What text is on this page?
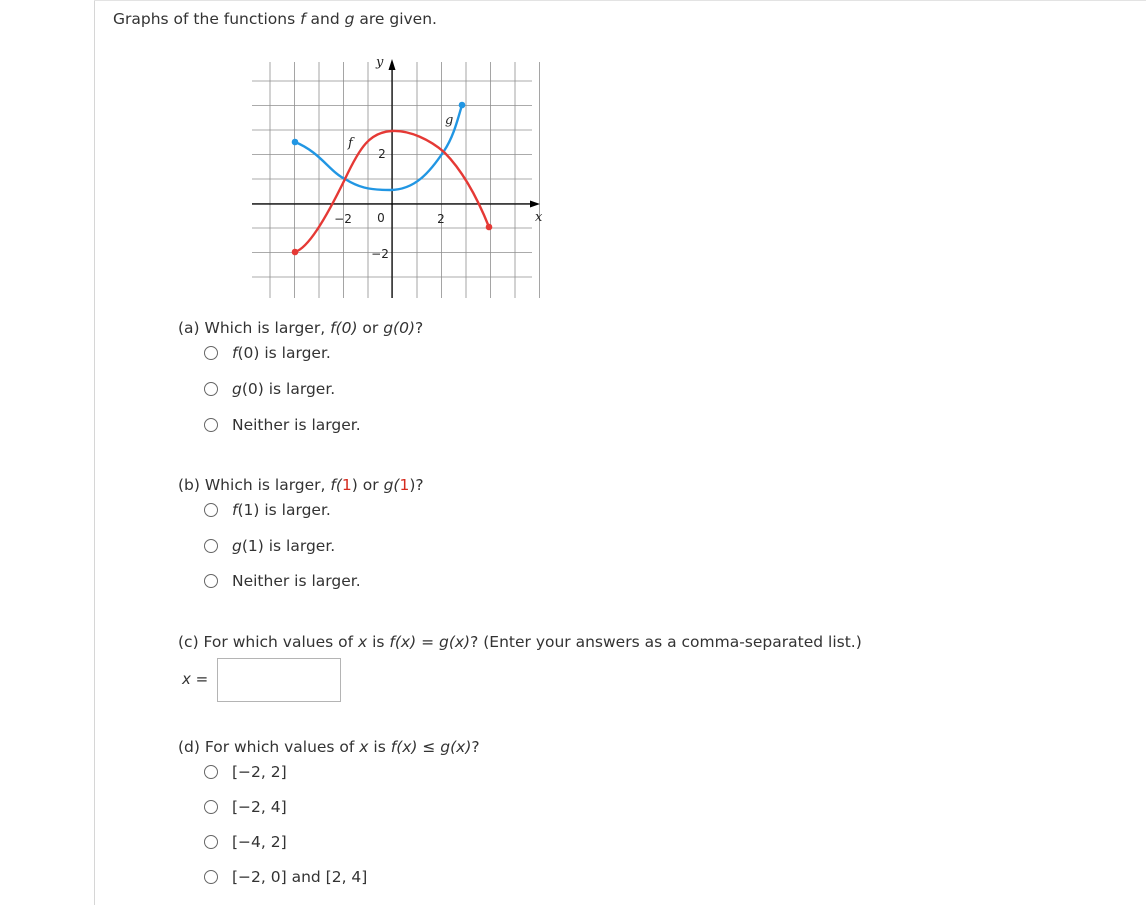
Graphs of the functions f and g are given.

x
y
−2 0	2
2
−2
f
g

(a) Which is larger, f(0) or g(0)?

f(0) is larger.
g(0) is larger.
Neither is larger.

(b) Which is larger, f(1) or g(1)?

f(1) is larger.
g(1) is larger.
Neither is larger.

(c) For which values of x is f(x) = g(x)? (Enter your answers as a comma-separated list.)

x =

(d) For which values of x is f(x) ≤ g(x)?

[−2, 2]
[−2, 4]
[−4, 2]
[−2, 0] and [2, 4]
